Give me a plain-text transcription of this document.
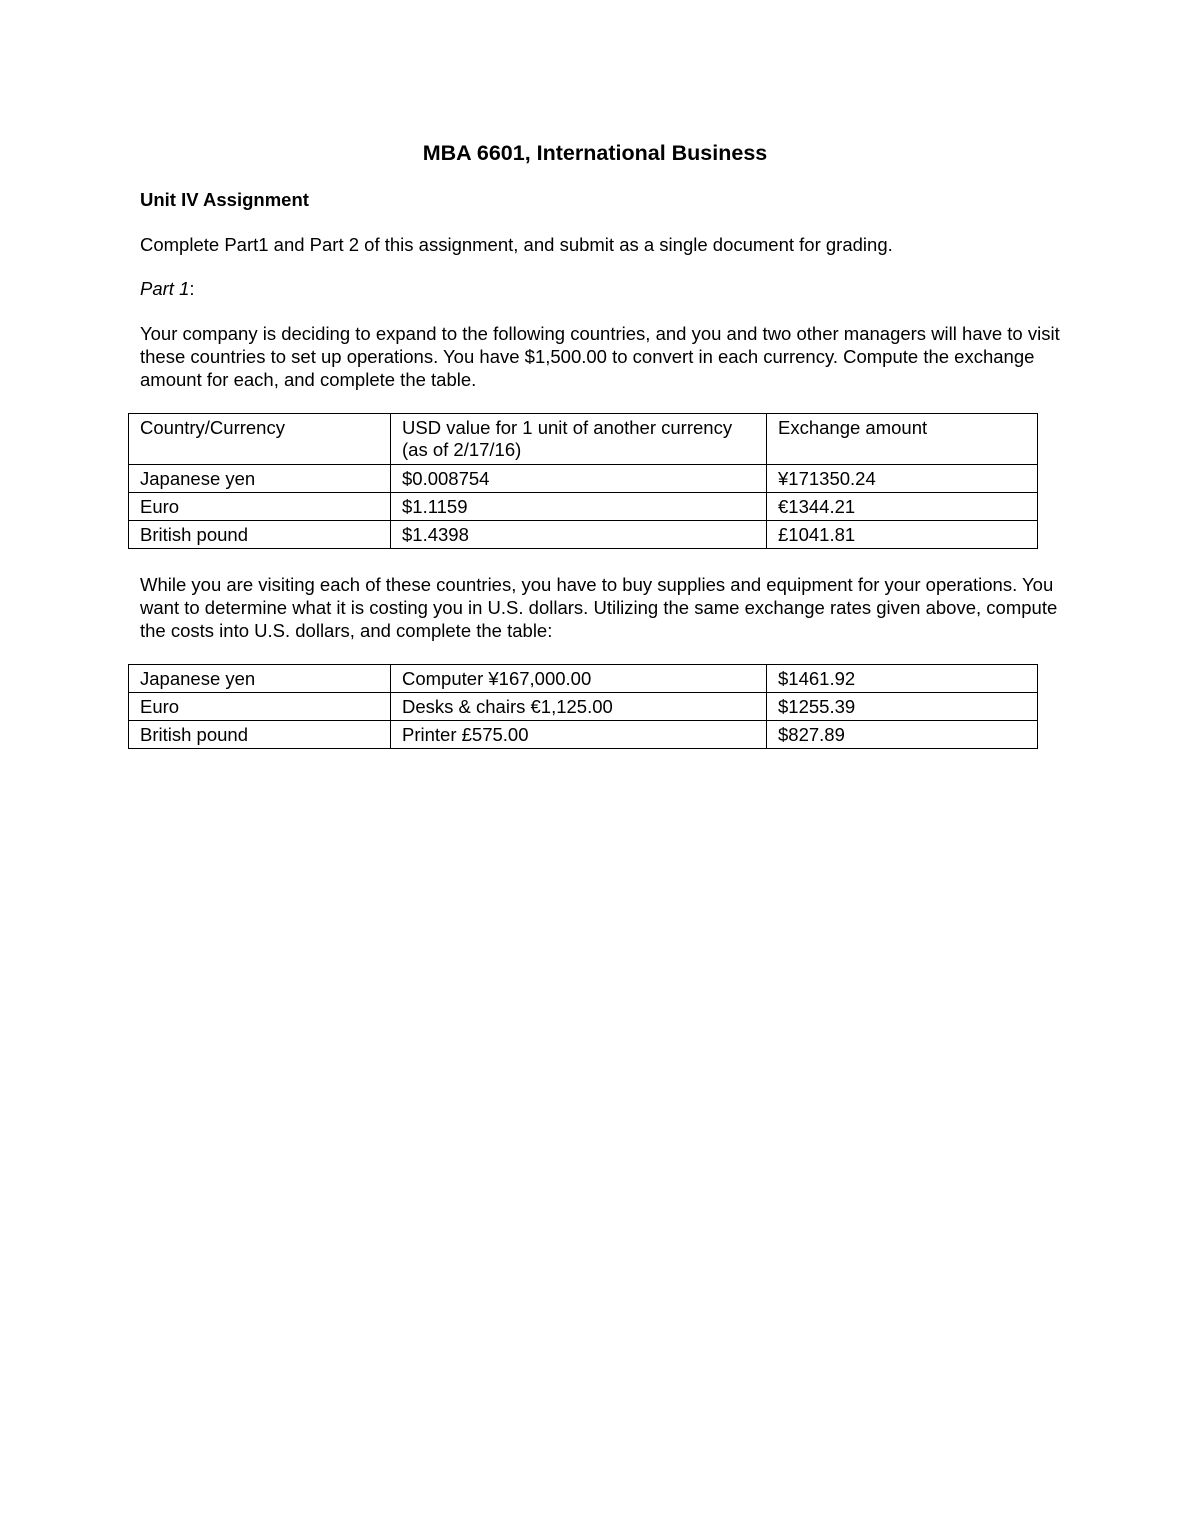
MBA 6601, International Business
Unit IV Assignment
Complete Part1 and Part 2 of this assignment, and submit as a single document for grading.
Part 1:
Your company is deciding to expand to the following countries, and you and two other managers will have to visit these countries to set up operations. You have $1,500.00 to convert in each currency. Compute the exchange amount for each, and complete the table.
Country/Currency	USD value for 1 unit of another currency (as of 2/17/16)	Exchange amount
Japanese yen	$0.008754	¥171350.24
Euro	$1.1159	€1344.21
British pound	$1.4398	£1041.81
While you are visiting each of these countries, you have to buy supplies and equipment for your operations. You want to determine what it is costing you in U.S. dollars. Utilizing the same exchange rates given above, compute the costs into U.S. dollars, and complete the table:
Japanese yen	Computer ¥167,000.00	$1461.92
Euro	Desks & chairs €1,125.00	$1255.39
British pound	Printer £575.00	$827.89
